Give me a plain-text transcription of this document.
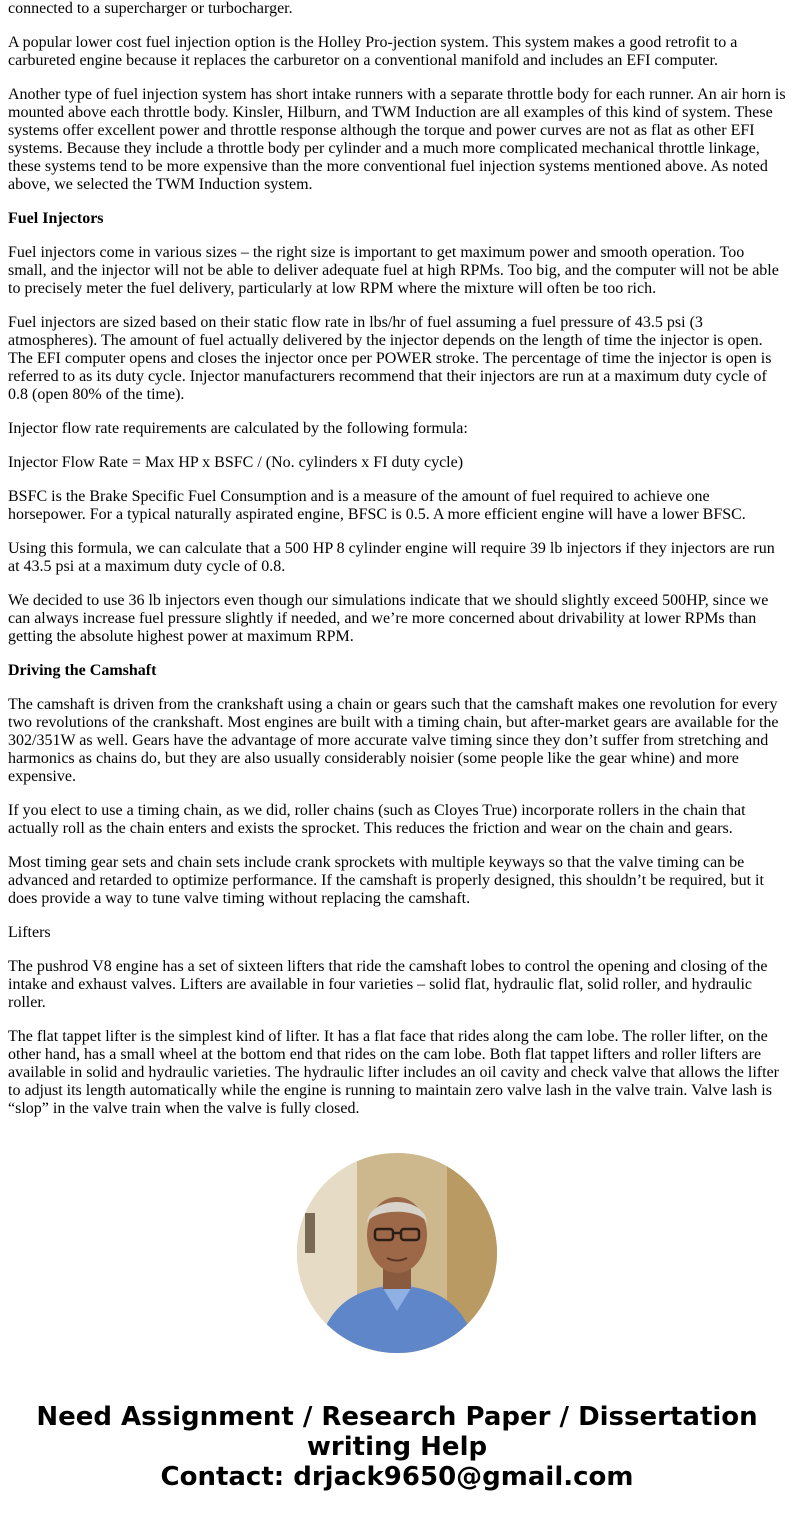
connected to a supercharger or turbocharger.

A popular lower cost fuel injection option is the Holley Pro-jection system. This system makes a good retrofit to a carbureted engine because it replaces the carburetor on a conventional manifold and includes an EFI computer.

Another type of fuel injection system has short intake runners with a separate throttle body for each runner. An air horn is mounted above each throttle body. Kinsler, Hilburn, and TWM Induction are all examples of this kind of system. These systems offer excellent power and throttle response although the torque and power curves are not as flat as other EFI systems. Because they include a throttle body per cylinder and a much more complicated mechanical throttle linkage, these systems tend to be more expensive than the more conventional fuel injection systems mentioned above. As noted above, we selected the TWM Induction system.

Fuel Injectors

Fuel injectors come in various sizes – the right size is important to get maximum power and smooth operation. Too small, and the injector will not be able to deliver adequate fuel at high RPMs. Too big, and the computer will not be able to precisely meter the fuel delivery, particularly at low RPM where the mixture will often be too rich.

Fuel injectors are sized based on their static flow rate in lbs/hr of fuel assuming a fuel pressure of 43.5 psi (3 atmospheres). The amount of fuel actually delivered by the injector depends on the length of time the injector is open. The EFI computer opens and closes the injector once per POWER stroke. The percentage of time the injector is open is referred to as its duty cycle. Injector manufacturers recommend that their injectors are run at a maximum duty cycle of 0.8 (open 80% of the time).

Injector flow rate requirements are calculated by the following formula:

Injector Flow Rate = Max HP x BSFC / (No. cylinders x FI duty cycle)

BSFC is the Brake Specific Fuel Consumption and is a measure of the amount of fuel required to achieve one horsepower. For a typical naturally aspirated engine, BFSC is 0.5. A more efficient engine will have a lower BFSC.

Using this formula, we can calculate that a 500 HP 8 cylinder engine will require 39 lb injectors if they injectors are run at 43.5 psi at a maximum duty cycle of 0.8.

We decided to use 36 lb injectors even though our simulations indicate that we should slightly exceed 500HP, since we can always increase fuel pressure slightly if needed, and we’re more concerned about drivability at lower RPMs than getting the absolute highest power at maximum RPM.

Driving the Camshaft

The camshaft is driven from the crankshaft using a chain or gears such that the camshaft makes one revolution for every two revolutions of the crankshaft. Most engines are built with a timing chain, but after-market gears are available for the 302/351W as well. Gears have the advantage of more accurate valve timing since they don’t suffer from stretching and harmonics as chains do, but they are also usually considerably noisier (some people like the gear whine) and more expensive.

If you elect to use a timing chain, as we did, roller chains (such as Cloyes True) incorporate rollers in the chain that actually roll as the chain enters and exists the sprocket. This reduces the friction and wear on the chain and gears.

Most timing gear sets and chain sets include crank sprockets with multiple keyways so that the valve timing can be advanced and retarded to optimize performance. If the camshaft is properly designed, this shouldn’t be required, but it does provide a way to tune valve timing without replacing the camshaft.

Lifters

The pushrod V8 engine has a set of sixteen lifters that ride the camshaft lobes to control the opening and closing of the intake and exhaust valves. Lifters are available in four varieties – solid flat, hydraulic flat, solid roller, and hydraulic roller.

The flat tappet lifter is the simplest kind of lifter. It has a flat face that rides along the cam lobe. The roller lifter, on the other hand, has a small wheel at the bottom end that rides on the cam lobe. Both flat tappet lifters and roller lifters are available in solid and hydraulic varieties. The hydraulic lifter includes an oil cavity and check valve that allows the lifter to adjust its length automatically while the engine is running to maintain zero valve lash in the valve train. Valve lash is “slop” in the valve train when the valve is fully closed.

Need Assignment / Research Paper / Dissertation writing Help
Contact: drjack9650@gmail.com
